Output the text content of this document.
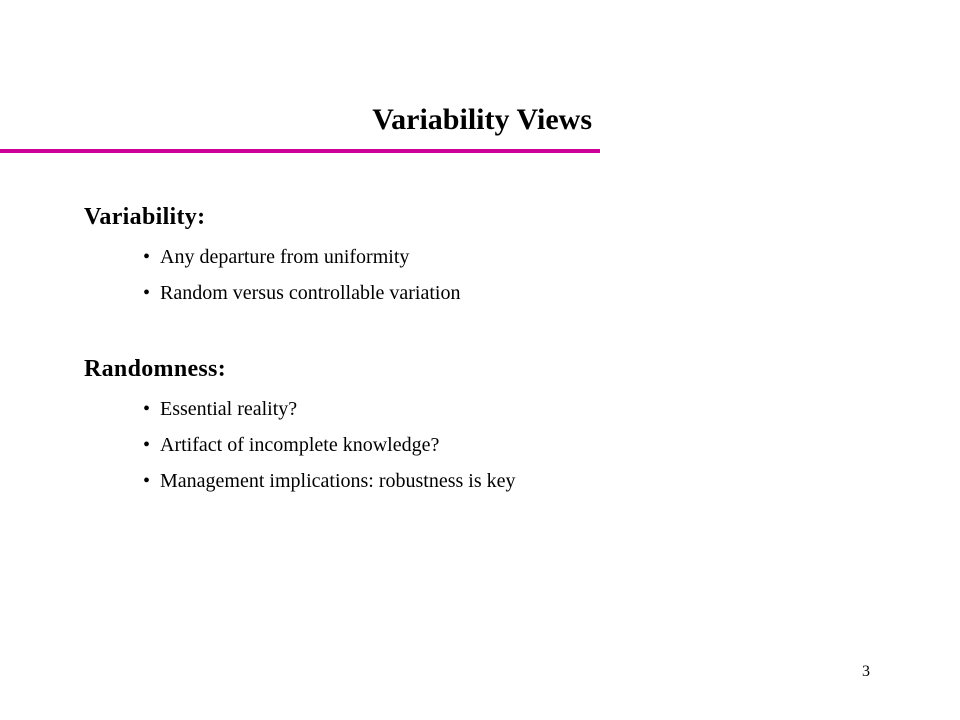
Variability Views
Variability:
• Any departure from uniformity
• Random versus controllable variation
Randomness:
• Essential reality?
• Artifact of incomplete knowledge?
• Management implications: robustness is key
3
